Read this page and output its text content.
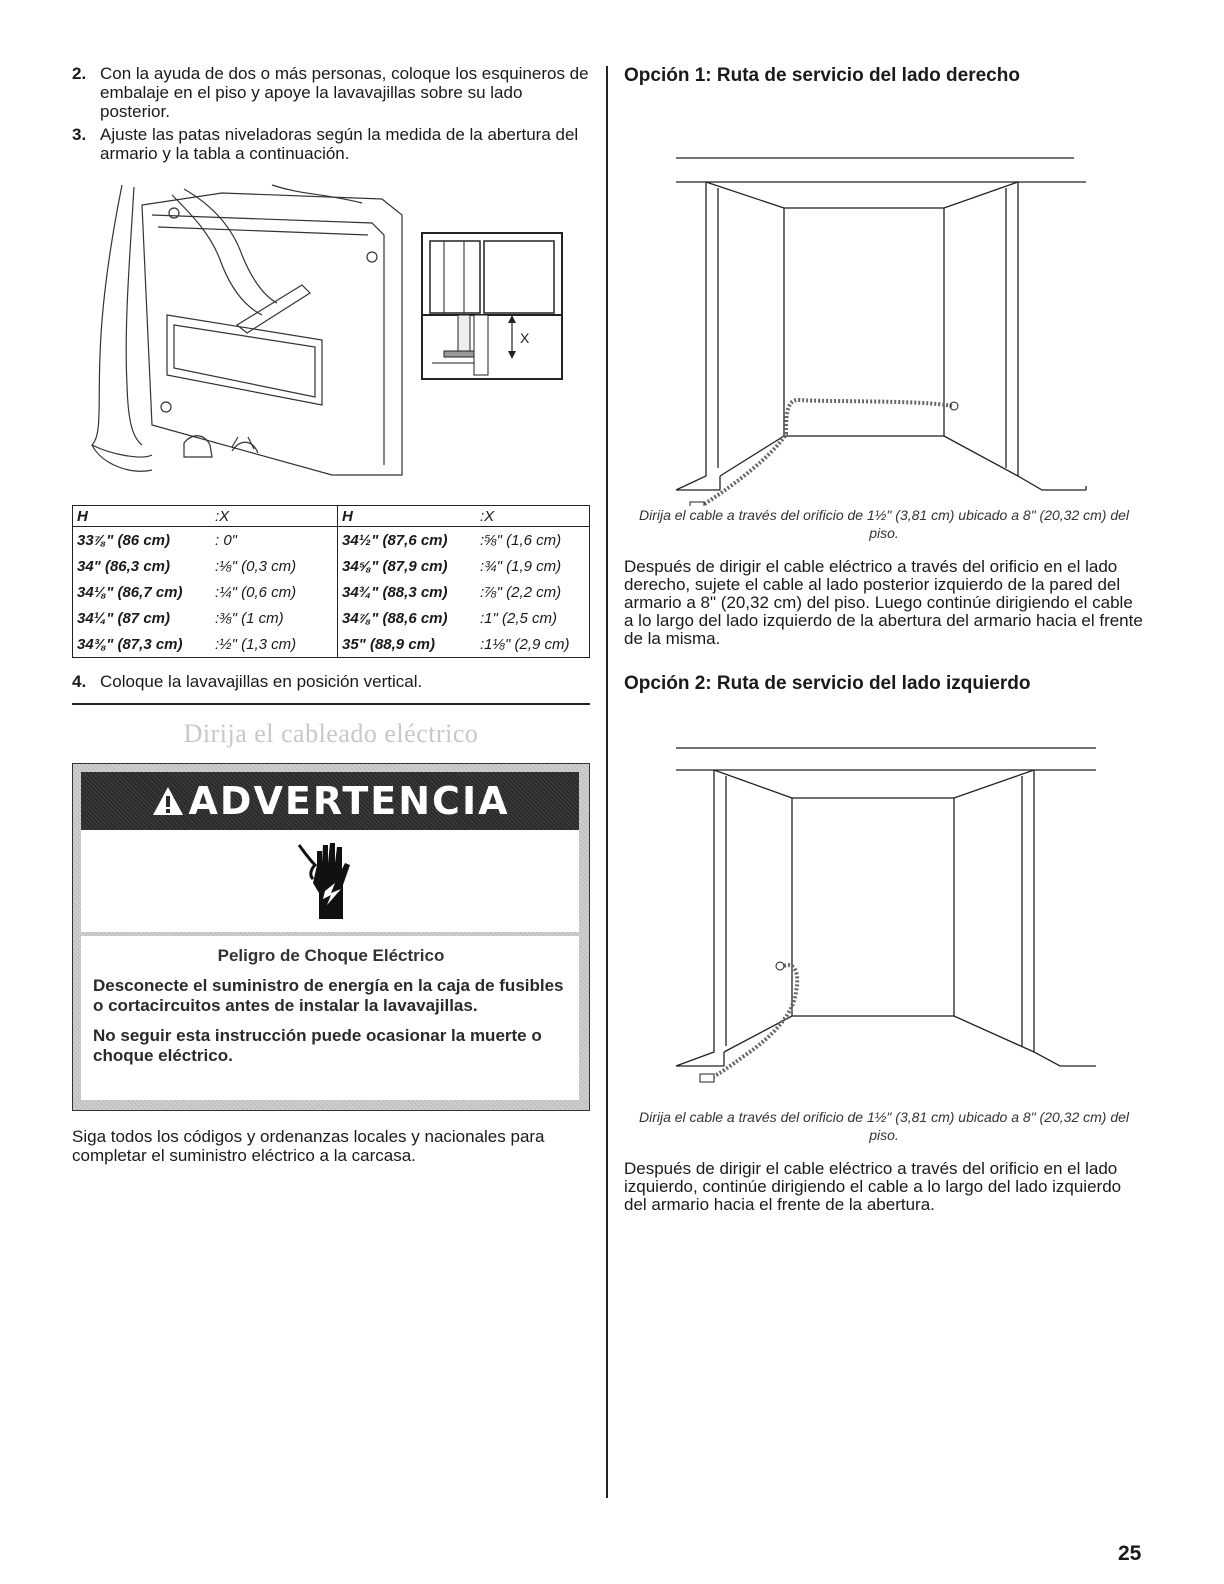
2. Con la ayuda de dos o más personas, coloque los esquineros de embalaje en el piso y apoye la lavavajillas sobre su lado posterior.
3. Ajuste las patas niveladoras según la medida de la abertura del armario y la tabla a continuación.
X
H	:X	H	:X
33⅞" (86 cm)	: 0"	34½" (87,6 cm)	:⅝" (1,6 cm)
34" (86,3 cm)	:⅛" (0,3 cm)	34⅝" (87,9 cm)	:¾" (1,9 cm)
34⅛" (86,7 cm)	:¼" (0,6 cm)	34¾" (88,3 cm)	:⅞" (2,2 cm)
34¼" (87 cm)	:⅜" (1 cm)	34⅞" (88,6 cm)	:1" (2,5 cm)
34⅜" (87,3 cm)	:½" (1,3 cm)	35" (88,9 cm)	:1⅛" (2,9 cm)
4. Coloque la lavavajillas en posición vertical.
Dirija el cableado eléctrico
ADVERTENCIA
Peligro de Choque Eléctrico
Desconecte el suministro de energía en la caja de fusibles o cortacircuitos antes de instalar la lavavajillas.
No seguir esta instrucción puede ocasionar la muerte o choque eléctrico.
Siga todos los códigos y ordenanzas locales y nacionales para completar el suministro eléctrico a la carcasa.
Opción 1: Ruta de servicio del lado derecho
Dirija el cable a través del orificio de 1½" (3,81 cm) ubicado a 8" (20,32 cm) del piso.
Después de dirigir el cable eléctrico a través del orificio en el lado derecho, sujete el cable al lado posterior izquierdo de la pared del armario a 8" (20,32 cm) del piso. Luego continúe dirigiendo el cable a lo largo del lado izquierdo de la abertura del armario hacia el frente de la misma.
Opción 2: Ruta de servicio del lado izquierdo
Dirija el cable a través del orificio de 1½" (3,81 cm) ubicado a 8" (20,32 cm) del piso.
Después de dirigir el cable eléctrico a través del orificio en el lado izquierdo, continúe dirigiendo el cable a lo largo del lado izquierdo del armario hacia el frente de la abertura.
25
